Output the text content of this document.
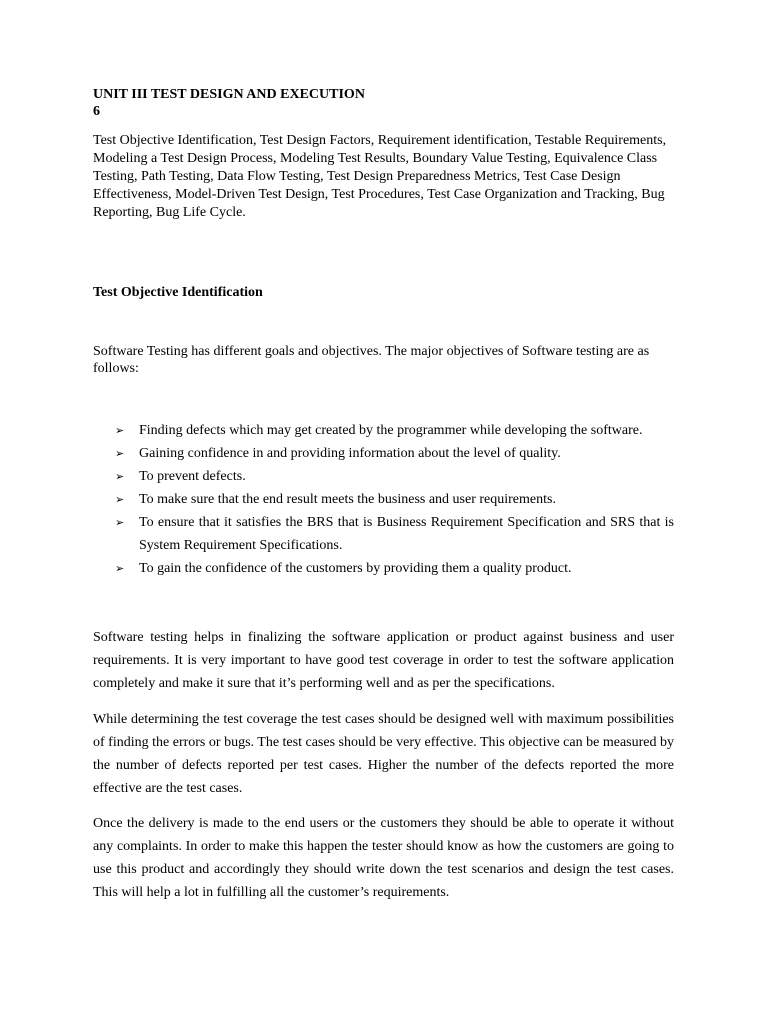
UNIT III TEST DESIGN AND EXECUTION

6

Test Objective Identification, Test Design Factors, Requirement identification, Testable Requirements, Modeling a Test Design Process, Modeling Test Results, Boundary Value Testing, Equivalence Class Testing, Path Testing, Data Flow Testing, Test Design Preparedness Metrics, Test Case Design Effectiveness, Model-Driven Test Design, Test Procedures, Test Case Organization and Tracking, Bug Reporting, Bug Life Cycle.

Test Objective Identification

Software Testing has different goals and objectives. The major objectives of Software testing are as follows:

➢ Finding defects which may get created by the programmer while developing the software.
➢ Gaining confidence in and providing information about the level of quality.
➢ To prevent defects.
➢ To make sure that the end result meets the business and user requirements.
➢ To ensure that it satisfies the BRS that is Business Requirement Specification and SRS that is System Requirement Specifications.
➢ To gain the confidence of the customers by providing them a quality product.

Software testing helps in finalizing the software application or product against business and user requirements. It is very important to have good test coverage in order to test the software application completely and make it sure that it’s performing well and as per the specifications.

While determining the test coverage the test cases should be designed well with maximum possibilities of finding the errors or bugs. The test cases should be very effective. This objective can be measured by the number of defects reported per test cases. Higher the number of the defects reported the more effective are the test cases.

Once the delivery is made to the end users or the customers they should be able to operate it without any complaints. In order to make this happen the tester should know as how the customers are going to use this product and accordingly they should write down the test scenarios and design the test cases. This will help a lot in fulfilling all the customer’s requirements.
